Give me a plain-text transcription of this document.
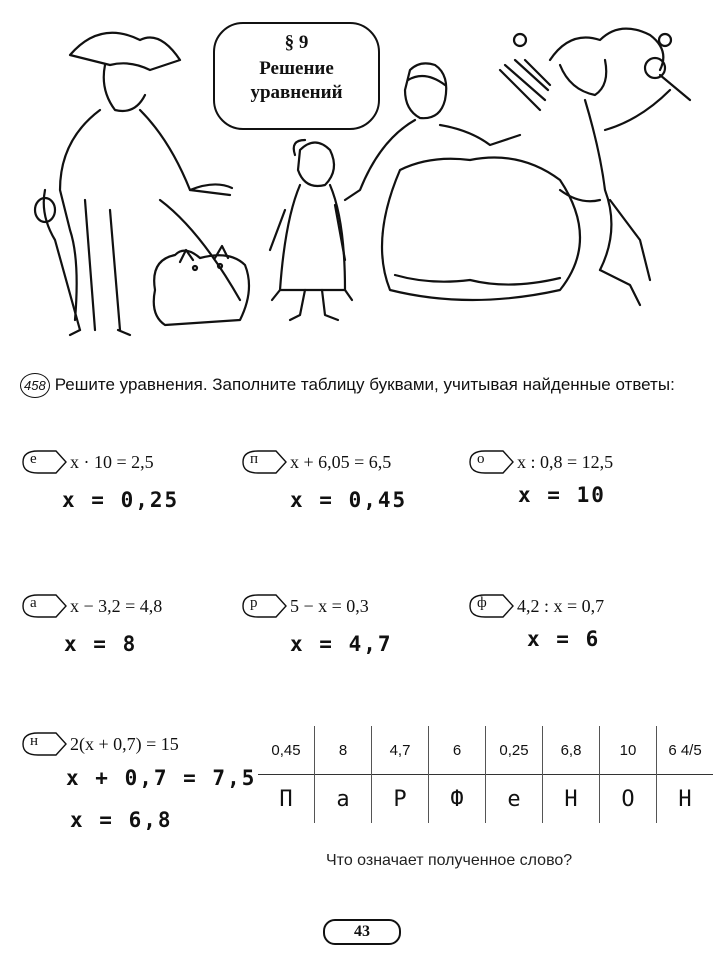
§ 9
Решение
уравнений
458 Решите уравнения. Заполните таблицу буквами, учитывая найденные ответы:
е x · 10 = 2,5
x = 0,25
п x + 6,05 = 6,5
x = 0,45
о x : 0,8 = 12,5
x = 10
а x − 3,2 = 4,8
x = 8
р 5 − x = 0,3
x = 4,7
ф 4,2 : x = 0,7
x = 6
н 2(x + 0,7) = 15
x + 0,7 = 7,5
x = 6,8
0,45	8	4,7	6	0,25	6,8	10	6 4/5
П	а	Р	Ф	е	Н	О	Н
Что означает полученное слово?
43
